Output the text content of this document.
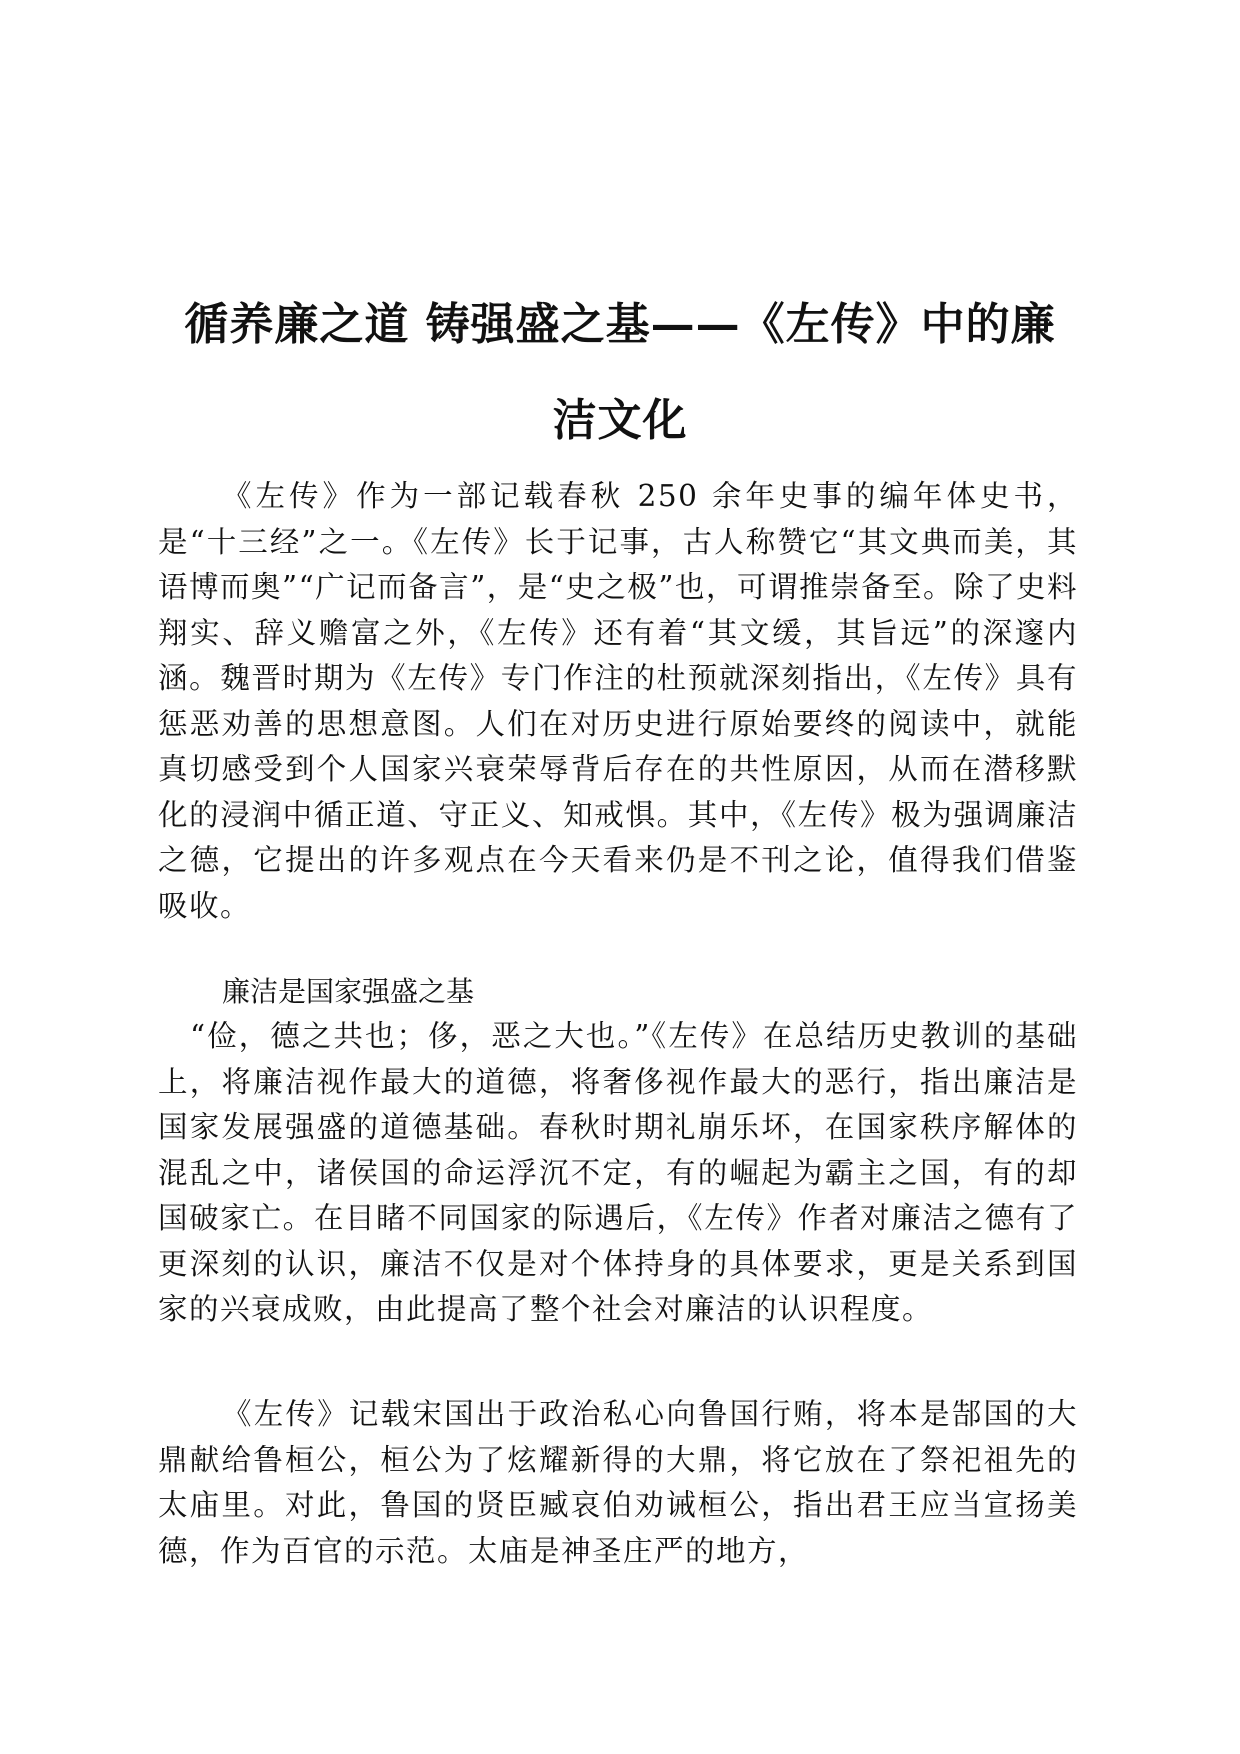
循养廉之道 铸强盛之基——《左传》中的廉
洁文化

《左传》作为一部记载春秋 250 余年史事的编年体史书，是“十三经”之一。《左传》长于记事，古人称赞它“其文典而美，其语博而奥”“广记而备言”，是“史之极”也，可谓推崇备至。除了史料翔实、辞义赡富之外，《左传》还有着“其文缓，其旨远”的深邃内涵。魏晋时期为《左传》专门作注的杜预就深刻指出，《左传》具有惩恶劝善的思想意图。人们在对历史进行原始要终的阅读中，就能真切感受到个人国家兴衰荣辱背后存在的共性原因，从而在潜移默化的浸润中循正道、守正义、知戒惧。其中，《左传》极为强调廉洁之德，它提出的许多观点在今天看来仍是不刊之论，值得我们借鉴吸收。

廉洁是国家强盛之基

“俭，德之共也；侈，恶之大也。”《左传》在总结历史教训的基础上，将廉洁视作最大的道德，将奢侈视作最大的恶行，指出廉洁是国家发展强盛的道德基础。春秋时期礼崩乐坏，在国家秩序解体的混乱之中，诸侯国的命运浮沉不定，有的崛起为霸主之国，有的却国破家亡。在目睹不同国家的际遇后，《左传》作者对廉洁之德有了更深刻的认识，廉洁不仅是对个体持身的具体要求，更是关系到国家的兴衰成败，由此提高了整个社会对廉洁的认识程度。

《左传》记载宋国出于政治私心向鲁国行贿，将本是郜国的大鼎献给鲁桓公，桓公为了炫耀新得的大鼎，将它放在了祭祀祖先的太庙里。对此，鲁国的贤臣臧哀伯劝诫桓公，指出君王应当宣扬美德，作为百官的示范。太庙是神圣庄严的地方，
